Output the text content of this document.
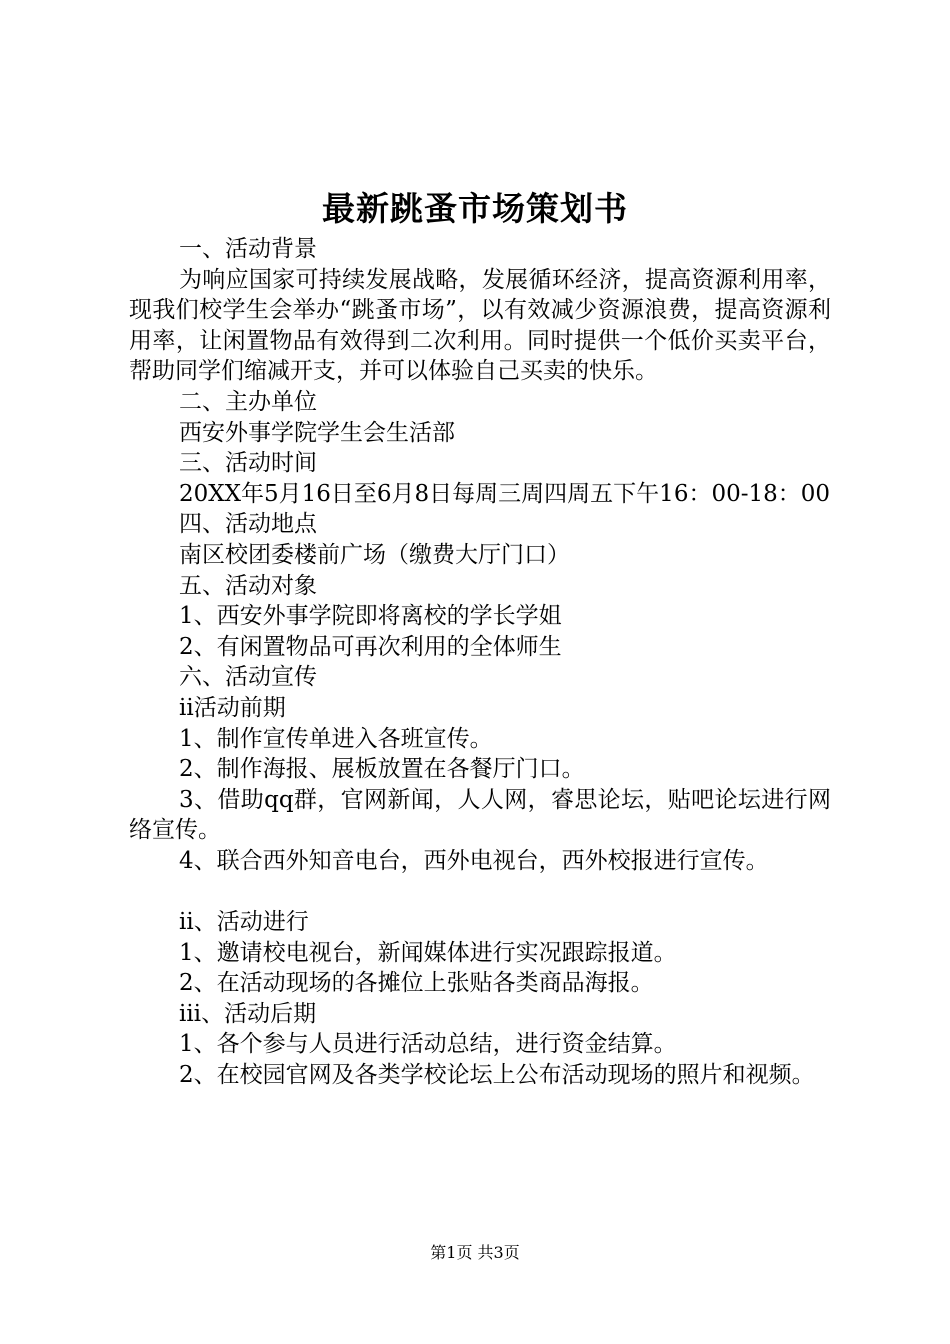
最新跳蚤市场策划书

一、活动背景

为响应国家可持续发展战略，发展循环经济，提高资源利用率，现我们校学生会举办“跳蚤市场”，以有效减少资源浪费，提高资源利用率，让闲置物品有效得到二次利用。同时提供一个低价买卖平台，帮助同学们缩减开支，并可以体验自己买卖的快乐。

二、主办单位

西安外事学院学生会生活部

三、活动时间

20XX年5月16日至6月8日每周三周四周五下午16：00-18：00

四、活动地点

南区校团委楼前广场（缴费大厅门口）

五、活动对象

1、西安外事学院即将离校的学长学姐

2、有闲置物品可再次利用的全体师生

六、活动宣传

ⅱ活动前期

1、制作宣传单进入各班宣传。

2、制作海报、展板放置在各餐厅门口。

3、借助qq群，官网新闻，人人网，睿思论坛，贴吧论坛进行网络宣传。

4、联合西外知音电台，西外电视台，西外校报进行宣传。

ⅱ、活动进行

1、邀请校电视台，新闻媒体进行实况跟踪报道。

2、在活动现场的各摊位上张贴各类商品海报。

ⅲ、活动后期

1、各个参与人员进行活动总结，进行资金结算。

2、在校园官网及各类学校论坛上公布活动现场的照片和视频。

第1页 共3页
